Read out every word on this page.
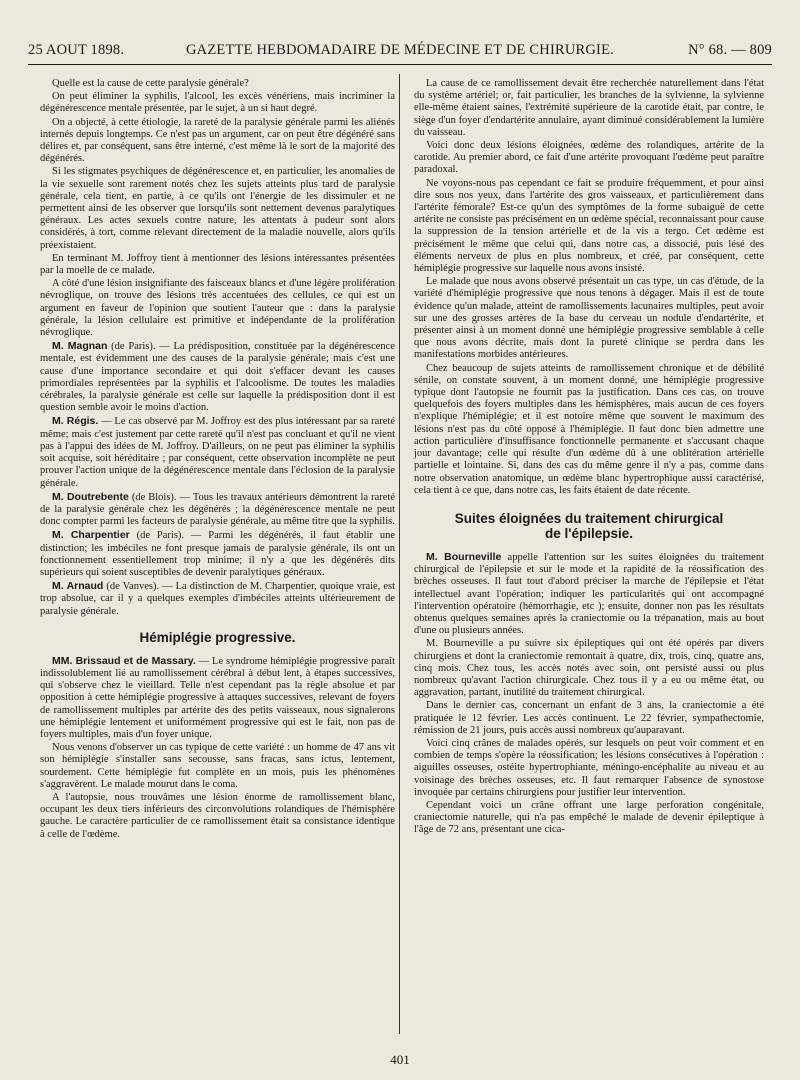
25 AOUT 1898.	GAZETTE HEBDOMADAIRE DE MÉDECINE ET DE CHIRURGIE.	N° 68. — 809

Quelle est la cause de cette paralysie générale?

On peut éliminer la syphilis, l'alcool, les excès vénériens, mais incriminer la dégénérescence mentale présentée, par le sujet, à un si haut degré.

On a objecté, à cette étiologie, la rareté de la paralysie générale parmi les aliénés internés depuis longtemps. Ce n'est pas un argument, car on peut être dégénéré sans délires et, par conséquent, sans être interné, c'est même là le sort de la majorité des dégénérés.

Si les stigmates psychiques de dégénérescence et, en particulier, les anomalies de la vie sexuelle sont rarement notés chez les sujets atteints plus tard de paralysie générale, cela tient, en partie, à ce qu'ils ont l'énergie de les dissimuler et ne permettent ainsi de les observer que lorsqu'ils sont nettement devenus paralytiques généraux. Les actes sexuels contre nature, les attentats à pudeur sont alors considérés, à tort, comme relevant directement de la maladie nouvelle, alors qu'ils préexistaient.

En terminant M. Joffroy tient à mentionner des lésions intéressantes présentées par la moelle de ce malade.

A côté d'une lésion insignifiante des faisceaux blancs et d'une légère prolifération névroglique, on trouve des lésions très accentuées des cellules, ce qui est un argument en faveur de l'opinion que soutient l'auteur que : dans la paralysie générale, la lésion cellulaire est primitive et indépendante de la prolifération névroglique.

M. Magnan (de Paris). — La prédisposition, constituée par la dégénérescence mentale, est évidemment une des causes de la paralysie générale; mais c'est une cause d'une importance secondaire et qui doit s'effacer devant les causes primordiales représentées par la syphilis et l'alcoolisme. De toutes les maladies cérébrales, la paralysie générale est celle sur laquelle la prédisposition dont il est question semble avoir le moins d'action.

M. Régis. — Le cas observé par M. Joffroy est des plus intéressant par sa rareté même; mais c'est justement par cette rareté qu'il n'est pas concluant et qu'il ne vient pas à l'appui des idées de M. Joffroy. D'ailleurs, on ne peut pas éliminer la syphilis soit acquise, soit héréditaire ; par conséquent, cette observation incomplète ne peut prouver l'action unique de la dégénérescence mentale dans l'éclosion de la paralysie générale.

M. Doutrebente (de Blois). — Tous les travaux antérieurs démontrent la rareté de la paralysie générale chez les dégénérés ; la dégénérescence mentale ne peut donc compter parmi les facteurs de paralysie générale, au même titre que la syphilis.

M. Charpentier (de Paris). — Parmi les dégénérés, il faut établir une distinction; les imbéciles ne font presque jamais de paralysie générale, ils ont un fonctionnement essentiellement trop minime; il n'y a que les dégénérés dits supérieurs qui soient susceptibles de devenir paralytiques généraux.

M. Arnaud (de Vanves). — La distinction de M. Charpentier, quoique vraie, est trop absolue, car il y a quelques exemples d'imbéciles atteints ultérieurement de paralysie générale.

Hémiplégie progressive.

MM. Brissaud et de Massary. — Le syndrome hémiplégie progressive paraît indissolublement lié au ramollissement cérébral à début lent, à étapes successives, qui s'observe chez le vieillard. Telle n'est cependant pas la règle absolue et par opposition à cette hémiplégie progressive à attaques successives, relevant de foyers de ramollissement multiples par artérite des des petits vaisseaux, nous signalerons une hémiplégie lentement et uniformément progressive qui est le fait, non pas de foyers multiples, mais d'un foyer unique.

Nous venons d'observer un cas typique de cette variété : un homme de 47 ans vit son hémiplégie s'installer sans secousse, sans fracas, sans ictus, lentement, sourdement. Cette hémiplégie fut complète en un mois, puis les phénomènes s'aggravèrent. Le malade mourut dans le coma.

A l'autopsie, nous trouvâmes une lésion énorme de ramollissement blanc, occupant les deux tiers inférieurs des circonvolutions rolandiques de l'hémisphère gauche. Le caractère particulier de ce ramollissement était sa consistance identique à celle de l'œdème.

La cause de ce ramollissement devait être recherchée naturellement dans l'état du système artériel; or, fait particulier, les branches de la sylvienne, la sylvienne elle-même étaient saines, l'extrémité supérieure de la carotide était, par contre, le siège d'un foyer d'endartérite annulaire, ayant diminué considérablement la lumière du vaisseau.

Voici donc deux lésions éloignées, œdème des rolandiques, artérite de la carotide. Au premier abord, ce fait d'une artérite provoquant l'œdème peut paraître paradoxal.

Ne voyons-nous pas cependant ce fait se produire fréquemment, et pour ainsi dire sous nos yeux, dans l'artérite des gros vaisseaux, et particulièrement dans l'artérite fémorale? Est-ce qu'un des symptômes de la forme subaiguë de cette artérite ne consiste pas précisément en un œdème spécial, reconnaissant pour cause la suppression de la tension artérielle et de la vis a tergo. Cet œdème est précisément le même que celui qui, dans notre cas, a dissocié, puis lésé des éléments nerveux de plus en plus nombreux, et créé, par conséquent, cette hémiplégie progressive sur laquelle nous avons insisté.

Le malade que nous avons observé présentait un cas type, un cas d'étude, de la variété d'hémiplégie progressive que nous tenons à dégager. Mais il est de toute évidence qu'un malade, atteint de ramollissements lacunaires multiples, peut avoir sur une des grosses artères de la base du cerveau un nodule d'endartérite, et présenter ainsi à un moment donné une hémiplégie progressive semblable à celle que nous avons décrite, mais dont la pureté clinique se perdra dans les manifestations morbides antérieures.

Chez beaucoup de sujets atteints de ramollissement chronique et de débilité sénile, on constate souvent, à un moment donné, une hémiplégie progressive typique dont l'autopsie ne fournit pas la justification. Dans ces cas, on trouve quelquefois des foyers multiples dans les hémisphères, mais aucun de ces foyers n'explique l'hémiplégie; et il est notoire même que souvent le maximum des lésions n'est pas du côté opposé à l'hémiplégie. Il faut donc bien admettre une action particulière d'insuffisance fonctionnelle permanente et s'accusant chaque jour davantage; celle qui résulte d'un œdème dû à une oblitération artérielle partielle et lointaine. Si, dans des cas du même genre il n'y a pas, comme dans notre observation anatomique, un œdème blanc hypertrophique aussi caractérisé, cela tient à ce que, dans notre cas, les faits étaient de date récente.

Suites éloignées du traitement chirurgical
de l'épilepsie.

M. Bourneville appelle l'attention sur les suites éloignées du traitement chirurgical de l'épilepsie et sur le mode et la rapidité de la réossification des brèches osseuses. Il faut tout d'abord préciser la marche de l'épilepsie et l'état intellectuel avant l'opération; indiquer les particularités qui ont accompagné l'intervention opératoire (hémorrhagie, etc ); ensuite, donner non pas les résultats obtenus quelques semaines après la craniectomie ou la trépanation, mais au bout d'une ou plusieurs années.

M. Bourneville a pu suivre six épileptiques qui ont été opérés par divers chirurgiens et dont la craniectomie remontait à quatre, dix, trois, cinq, quatre ans, cinq mois. Chez tous, les accès notés avec soin, ont persisté aussi ou plus nombreux qu'avant l'action chirurgicale. Chez tous il y a eu ou même état, ou aggravation, partant, inutilité du traitement chirurgical.

Dans le dernier cas, concernant un enfant de 3 ans, la craniectomie a été pratiquée le 12 février. Les accès continuent. Le 22 février, sympathectomie, rémission de 21 jours, puis accès aussi nombreux qu'auparavant.

Voici cinq crânes de malades opérés, sur lesquels on peut voir comment et en combien de temps s'opère la réossification; les lésions consécutives à l'opération : aiguilles osseuses, ostéite hypertrophiante, méningo-encéphalite au niveau et au voisinage des brèches osseuses, etc. Il faut remarquer l'absence de synostose invoquée par certains chirurgiens pour justifier leur intervention.

Cependant voici un crâne offrant une large perforation congénitale, craniectomie naturelle, qui n'a pas empêché le malade de devenir épileptique à l'âge de 72 ans, présentant une cica-

401
